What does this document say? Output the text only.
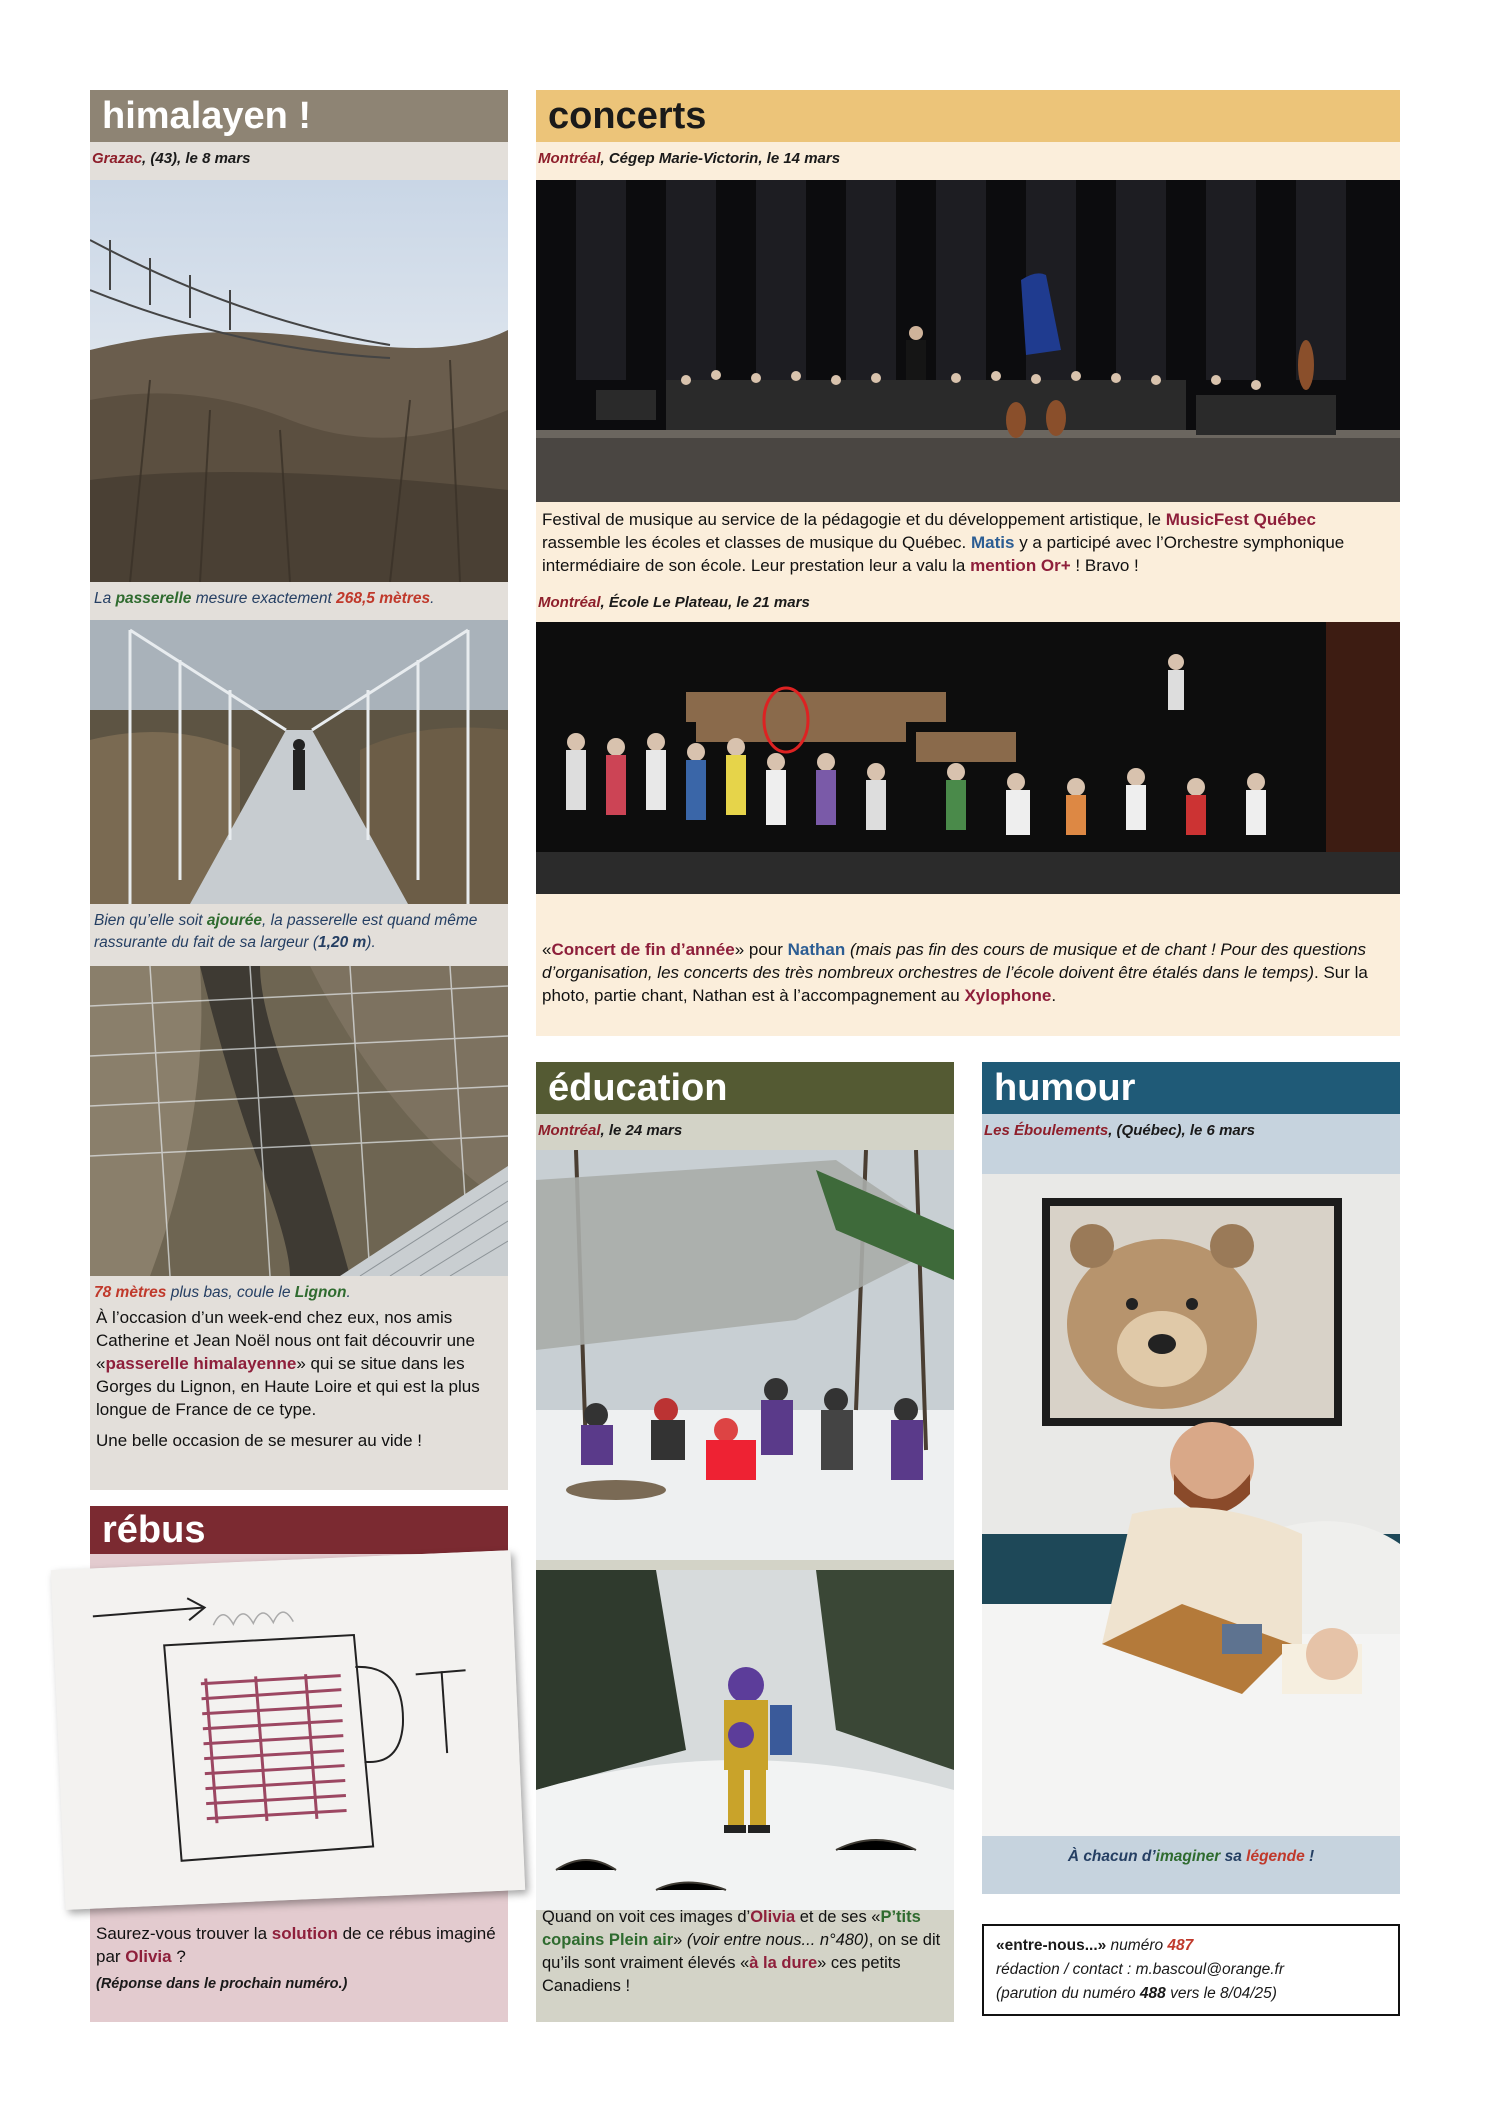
himalayen !
Grazac, (43), le 8 mars
La passerelle mesure exactement 268,5 mètres.
Bien qu’elle soit ajourée, la passerelle est quand même rassurante du fait de sa largeur (1,20 m).
78 mètres plus bas, coule le Lignon.
À l’occasion d’un week-end chez eux, nos amis Catherine et Jean Noël nous ont fait découvrir une «passerelle himalayenne» qui se situe dans les Gorges du Lignon, en Haute Loire et qui est la plus longue de France de ce type.
Une belle occasion de se mesurer au vide !
rébus
Saurez-vous trouver la solution de ce rébus imaginé par Olivia ?
(Réponse dans le prochain numéro.)
concerts
Montréal, Cégep Marie-Victorin, le 14 mars
Festival de musique au service de la pédagogie et du développement artistique, le MusicFest Québec rassemble les écoles et classes de musique du Québec. Matis y a participé avec l’Orchestre symphonique intermédiaire de son école. Leur prestation leur a valu la mention Or+ ! Bravo !
Montréal, École Le Plateau, le 21 mars
«Concert de fin d’année» pour Nathan (mais pas fin des cours de musique et de chant ! Pour des questions d’organisation, les concerts des très nombreux orchestres de l’école doivent être étalés dans le temps). Sur la photo, partie chant, Nathan est à l’accompagnement au Xylophone.
éducation
Montréal, le 24 mars
Quand on voit ces images d’Olivia et de ses «P’tits copains Plein air» (voir entre nous... n°480), on se dit qu’ils sont vraiment élevés «à la dure» ces petits Canadiens !
humour
Les Éboulements, (Québec), le 6 mars
À chacun d’imaginer sa légende !
«entre-nous...» numéro 487
rédaction / contact : m.bascoul@orange.fr
(parution du numéro 488 vers le 8/04/25)
